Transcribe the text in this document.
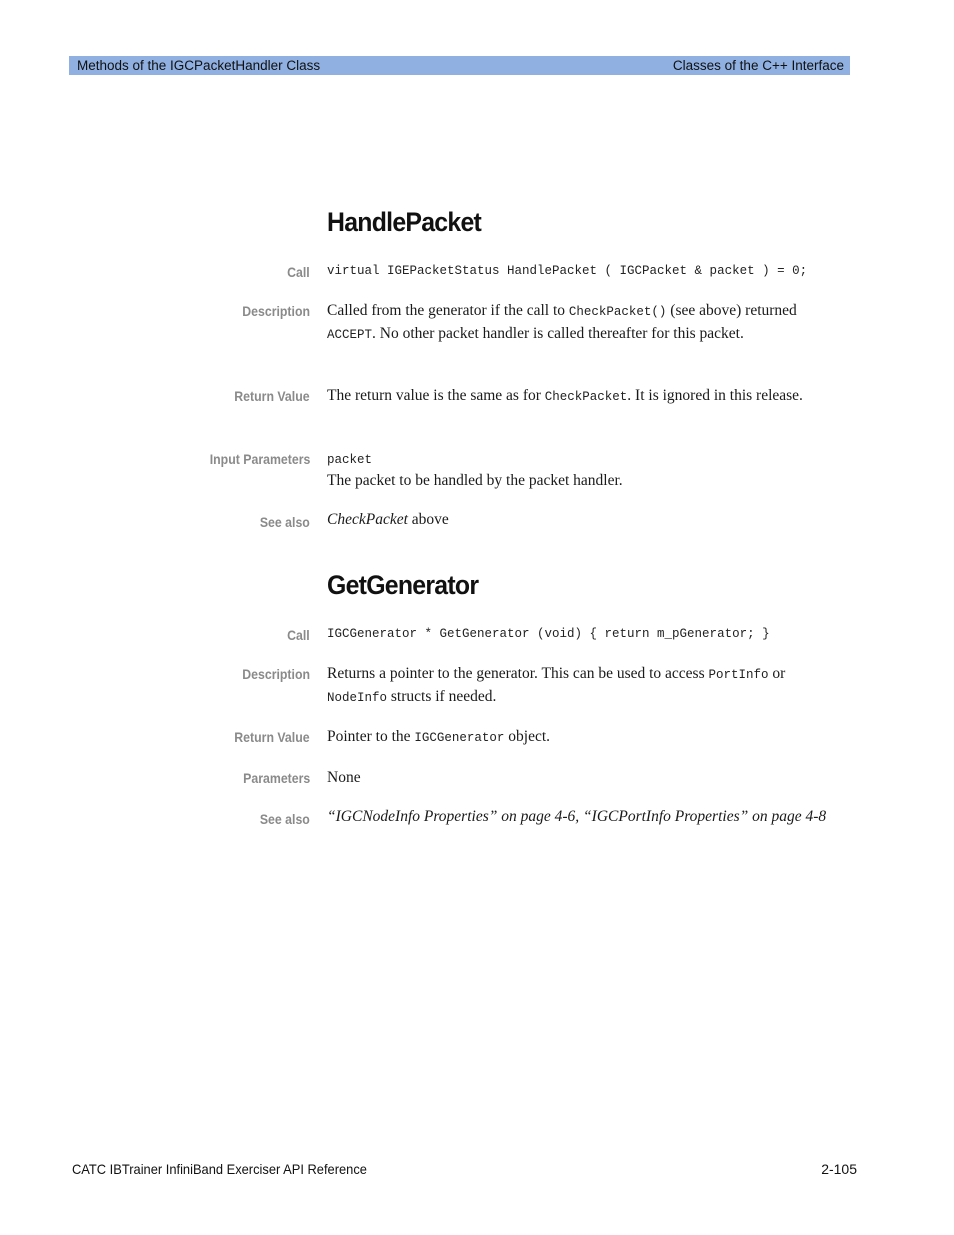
Methods of the IGCPacketHandler Class	Classes of the C++ Interface
HandlePacket
Call virtual IGEPacketStatus HandlePacket ( IGCPacket & packet ) = 0;
Description Called from the generator if the call to CheckPacket() (see above) returned ACCEPT. No other packet handler is called thereafter for this packet.
Return Value The return value is the same as for CheckPacket. It is ignored in this release.
Input Parameters packet
The packet to be handled by the packet handler.
See also CheckPacket above
GetGenerator
Call IGCGenerator * GetGenerator (void) { return m_pGenerator; }
Description Returns a pointer to the generator. This can be used to access PortInfo or NodeInfo structs if needed.
Return Value Pointer to the IGCGenerator object.
Parameters None
See also “IGCNodeInfo Properties” on page 4-6, “IGCPortInfo Properties” on page 4-8
CATC IBTrainer InfiniBand Exerciser API Reference	2-105
